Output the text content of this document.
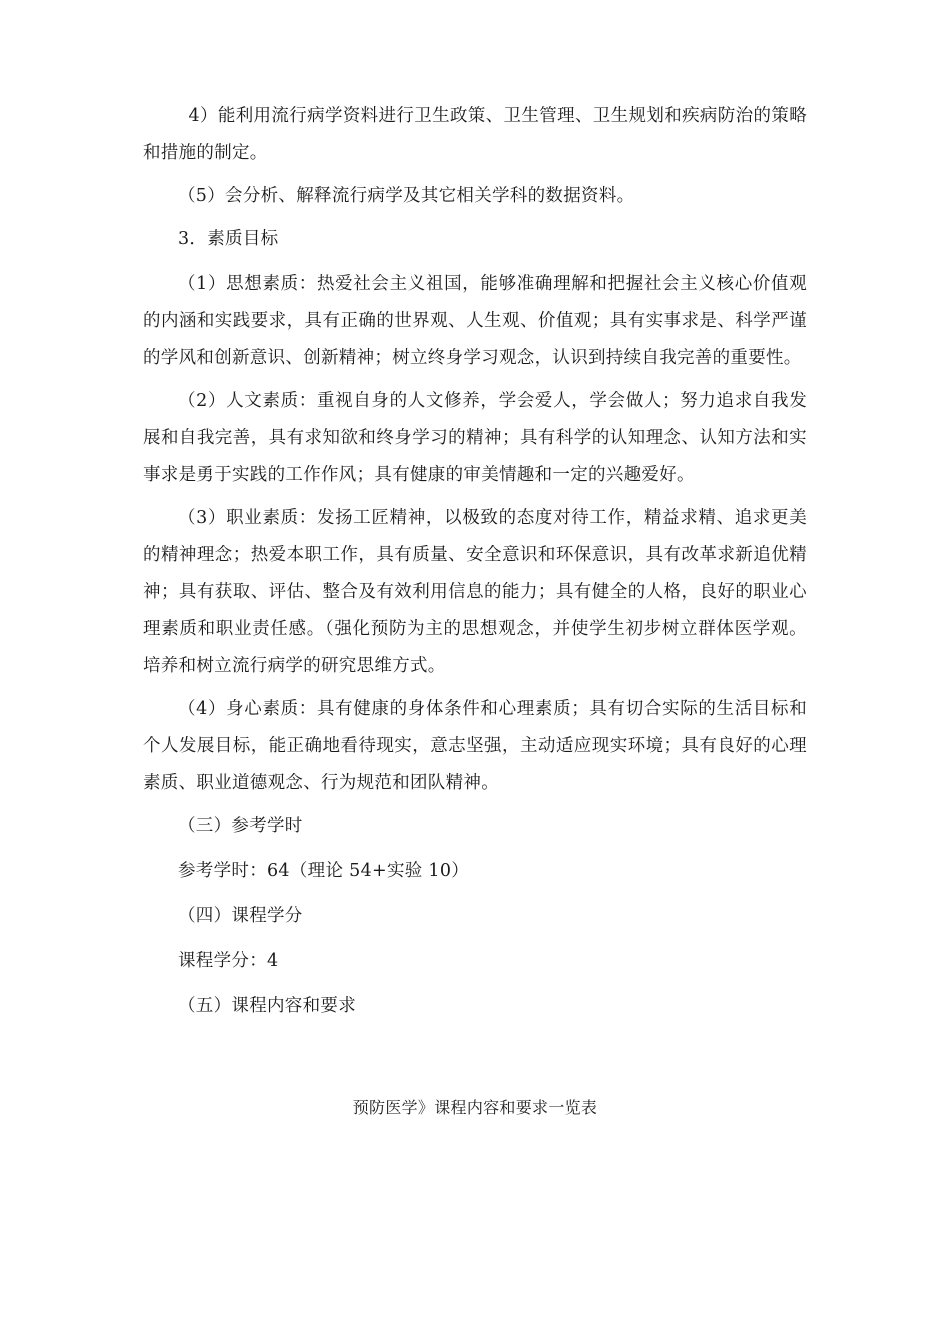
4）能利用流行病学资料进行卫生政策、卫生管理、卫生规划和疾病防治的策略和措施的制定。

（5）会分析、解释流行病学及其它相关学科的数据资料。

3．素质目标

（1）思想素质：热爱社会主义祖国，能够准确理解和把握社会主义核心价值观的内涵和实践要求，具有正确的世界观、人生观、价值观；具有实事求是、科学严谨的学风和创新意识、创新精神；树立终身学习观念，认识到持续自我完善的重要性。

（2）人文素质：重视自身的人文修养，学会爱人，学会做人；努力追求自我发展和自我完善，具有求知欲和终身学习的精神；具有科学的认知理念、认知方法和实事求是勇于实践的工作作风；具有健康的审美情趣和一定的兴趣爱好。

（3）职业素质：发扬工匠精神，以极致的态度对待工作，精益求精、追求更美的精神理念；热爱本职工作，具有质量、安全意识和环保意识，具有改革求新追优精神；具有获取、评估、整合及有效利用信息的能力；具有健全的人格，良好的职业心理素质和职业责任感。（强化预防为主的思想观念，并使学生初步树立群体医学观。培养和树立流行病学的研究思维方式。

（4）身心素质：具有健康的身体条件和心理素质；具有切合实际的生活目标和个人发展目标，能正确地看待现实，意志坚强，主动适应现实环境；具有良好的心理素质、职业道德观念、行为规范和团队精神。

（三）参考学时

参考学时：64（理论 54+实验 10）

（四）课程学分

课程学分：4

（五）课程内容和要求

预防医学》课程内容和要求一览表
